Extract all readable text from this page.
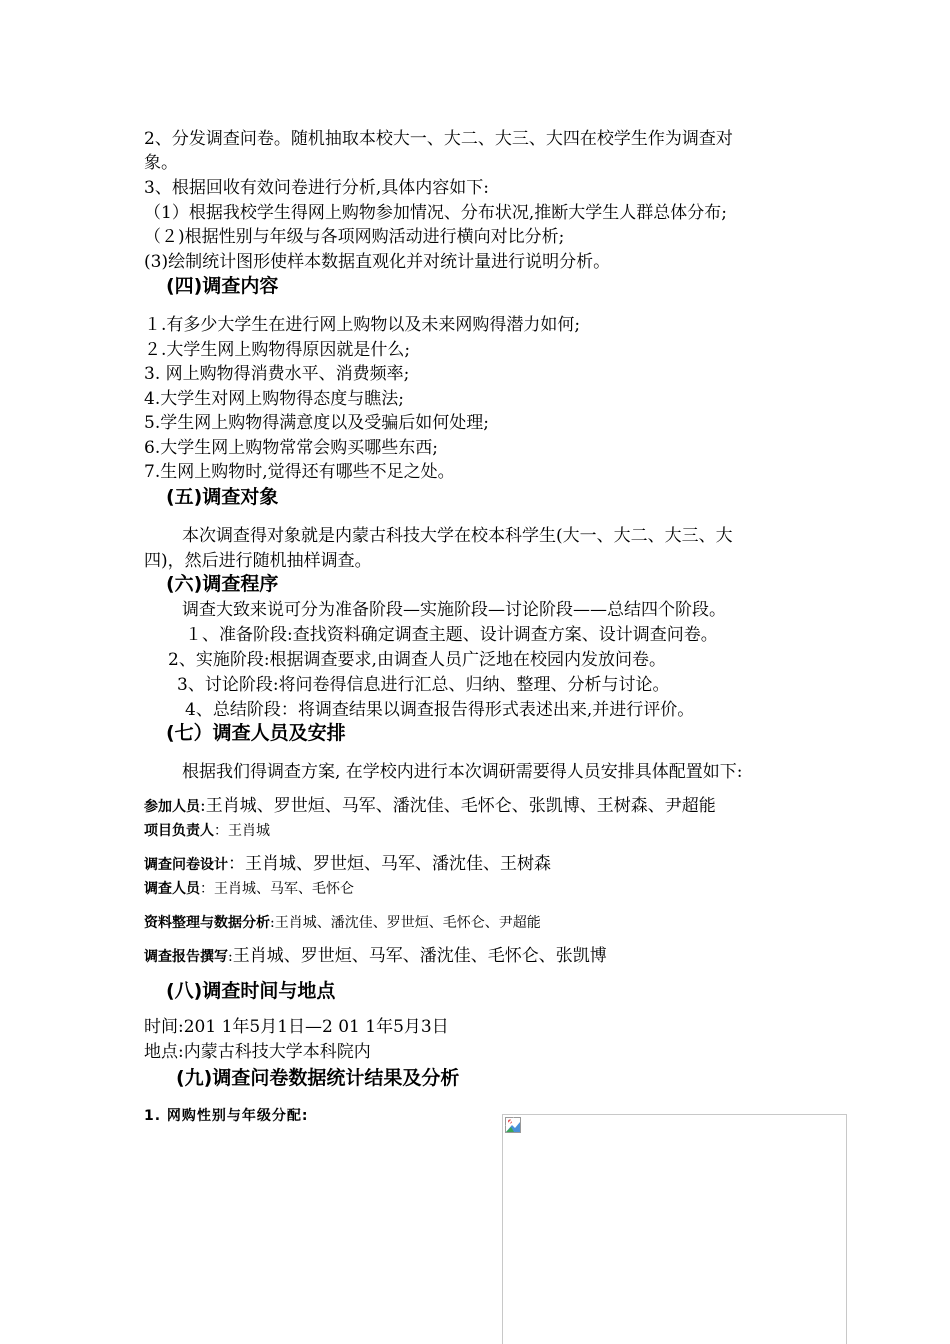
2、分发调查问卷。随机抽取本校大一、大二、大三、大四在校学生作为调查对
象。
3、根据回收有效问卷进行分析,具体内容如下:
（1）根据我校学生得网上购物参加情况、分布状况,推断大学生人群总体分布;
（２)根据性别与年级与各项网购活动进行横向对比分析;
(3)绘制统计图形使样本数据直观化并对统计量进行说明分析。
(四)调查内容
１.有多少大学生在进行网上购物以及未来网购得潜力如何;
２.大学生网上购物得原因就是什么;
3. 网上购物得消费水平、消费频率;
4.大学生对网上购物得态度与瞧法;
5.学生网上购物得满意度以及受骗后如何处理;
6.大学生网上购物常常会购买哪些东西;
7.生网上购物时,觉得还有哪些不足之处。
(五)调查对象
本次调查得对象就是内蒙古科技大学在校本科学生(大一、大二、大三、大
四)，然后进行随机抽样调查。
(六)调查程序
调查大致来说可分为准备阶段—实施阶段—讨论阶段——总结四个阶段。
１、准备阶段:查找资料确定调查主题、设计调查方案、设计调查问卷。
2、实施阶段:根据调查要求,由调查人员广泛地在校园内发放问卷。
3、讨论阶段:将问卷得信息进行汇总、归纳、整理、分析与讨论。
4、总结阶段：将调查结果以调查报告得形式表述出来,并进行评价。
(七）调查人员及安排
根据我们得调查方案, 在学校内进行本次调研需要得人员安排具体配置如下:
参加人员:王肖城、罗世烜、马军、潘沈佳、毛怀仑、张凯博、王树森、尹超能
项目负责人：王肖城
调查问卷设计：王肖城、罗世烜、马军、潘沈佳、王树森
调查人员：王肖城、马军、毛怀仑
资料整理与数据分析:王肖城、潘沈佳、罗世烜、毛怀仑、尹超能
调查报告撰写:王肖城、罗世烜、马军、潘沈佳、毛怀仑、张凯博
(八)调查时间与地点
时间:201 1年5月1日—2 01 1年5月3日
地点:内蒙古科技大学本科院内
(九)调查问卷数据统计结果及分析
1. 网购性别与年级分配:
